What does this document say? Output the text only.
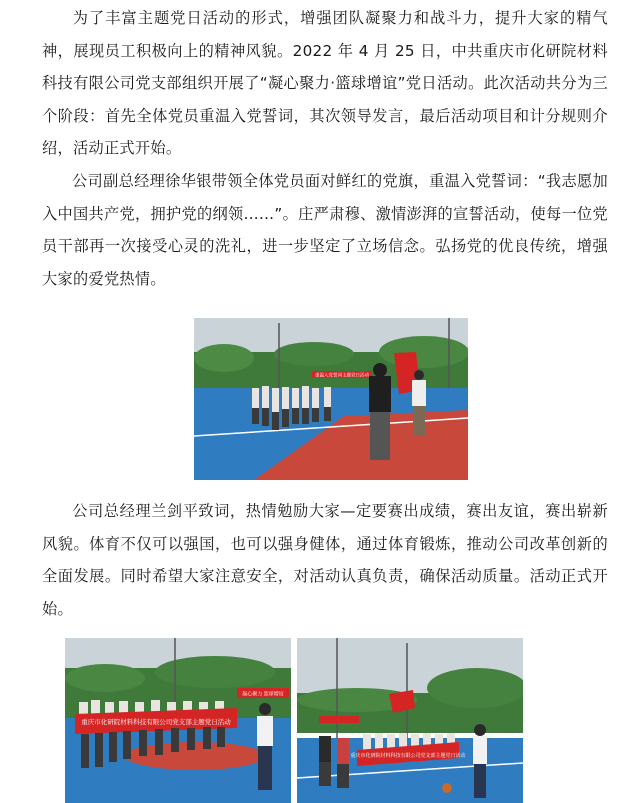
为了丰富主题党日活动的形式，增强团队凝聚力和战斗力，提升大家的精气神，展现员工积极向上的精神风貌。2022 年 4 月 25 日，中共重庆市化研院材料科技有限公司党支部组织开展了“凝心聚力·篮球增谊”党日活动。此次活动共分为三个阶段：首先全体党员重温入党誓词，其次领导发言，最后活动项目和计分规则介绍，活动正式开始。

公司副总经理徐华银带领全体党员面对鲜红的党旗，重温入党誓词：“我志愿加入中国共产党，拥护党的纲领……”。庄严肃穆、激情澎湃的宣誓活动，使每一位党员干部再一次接受心灵的洗礼，进一步坚定了立场信念。弘扬党的优良传统，增强大家的爱党热情。

重温入党誓词主题党日活动

公司总经理兰剑平致词，热情勉励大家—定要赛出成绩，赛出友谊，赛出崭新风貌。体育不仅可以强国，也可以强身健体，通过体育锻炼，推动公司改革创新的全面发展。同时希望大家注意安全，对活动认真负责，确保活动质量。活动正式开始。

凝心聚力 篮球增谊
重庆市化研院材料科技有限公司党支部主题党日活动
重庆市化研院材料科技有限公司党支部主题党日活动
